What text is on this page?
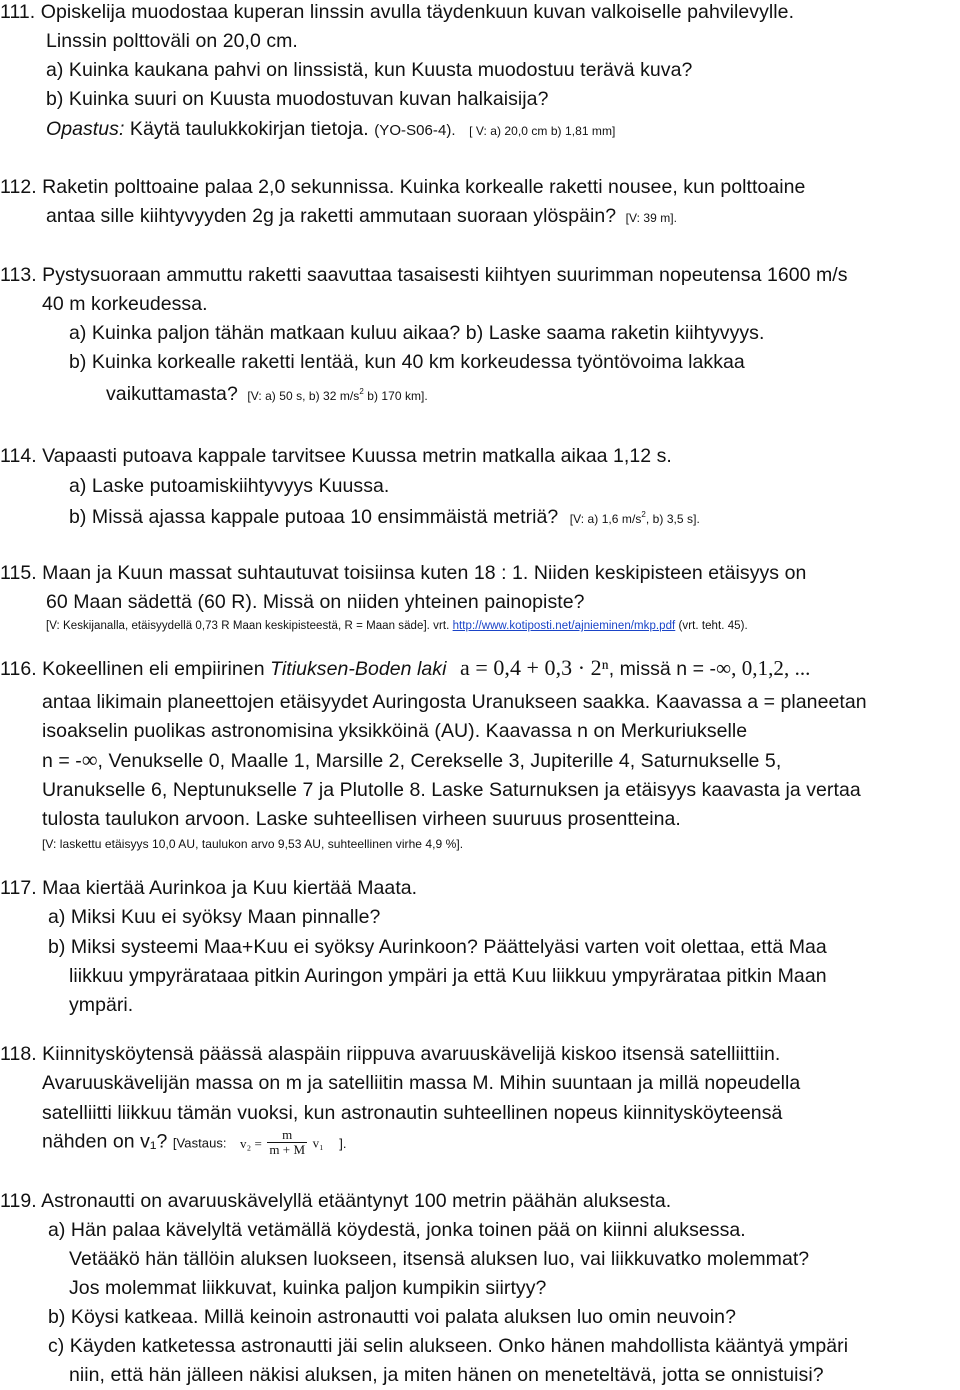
111. Opiskelija muodostaa kuperan linssin avulla täydenkuun kuvan valkoiselle pahvilevylle.
Linssin polttoväli on 20,0 cm.
a) Kuinka kaukana pahvi on linssistä, kun Kuusta muodostuu terävä kuva?
b) Kuinka suuri on Kuusta muodostuvan kuvan halkaisija?
Opastus: Käytä taulukkokirjan tietoja. (YO-S06-4). [ V: a) 20,0 cm b) 1,81 mm]
112. Raketin polttoaine palaa 2,0 sekunnissa. Kuinka korkealle raketti nousee, kun polttoaine
antaa sille kiihtyvyyden 2g ja raketti ammutaan suoraan ylöspäin? [V: 39 m].
113. Pystysuoraan ammuttu raketti saavuttaa tasaisesti kiihtyen suurimman nopeutensa 1600 m/s
40 m korkeudessa.
a) Kuinka paljon tähän matkaan kuluu aikaa? b) Laske saama raketin kiihtyvyys.
b) Kuinka korkealle raketti lentää, kun 40 km korkeudessa työntövoima lakkaa
vaikuttamasta? [V: a) 50 s, b) 32 $m/s^2$ b) 170 km].
114. Vapaasti putoava kappale tarvitsee Kuussa metrin matkalla aikaa 1,12 s.
a) Laske putoamiskiihtyvyys Kuussa.
b) Missä ajassa kappale putoaa 10 ensimmäistä metriä? [V: a) 1,6 $m/s^2$, b) 3,5 s].
115. Maan ja Kuun massat suhtautuvat toisiinsa kuten 18 : 1. Niiden keskipisteen etäisyys on
60 Maan sädettä (60 R). Missä on niiden yhteinen painopiste?
[V: Keskijanalla, etäisyydellä 0,73 R Maan keskipisteestä, R = Maan säde]. vrt. http://www.kotiposti.net/ajnieminen/mkp.pdf (vrt. teht. 45).
116. Kokeellinen eli empiirinen Titiuksen-Boden laki a = 0,4 + 0,3 · 2ⁿ, missä n = -∞, 0,1,2, ...
antaa likimain planeettojen etäisyydet Auringosta Uranukseen saakka. Kaavassa a = planeetan
isoakselin puolikas astronomisina yksikköinä (AU). Kaavassa n on Merkuriukselle
n = -∞, Venukselle 0, Maalle 1, Marsille 2, Cerekselle 3, Jupiterille 4, Saturnukselle 5,
Uranukselle 6, Neptunukselle 7 ja Plutolle 8. Laske Saturnuksen ja etäisyys kaavasta ja vertaa
tulosta taulukon arvoon. Laske suhteellisen virheen suuruus prosentteina.
[V: laskettu etäisyys 10,0 AU, taulukon arvo 9,53 AU, suhteellinen virhe 4,9 %].
117. Maa kiertää Aurinkoa ja Kuu kiertää Maata.
a) Miksi Kuu ei syöksy Maan pinnalle?
b) Miksi systeemi Maa+Kuu ei syöksy Aurinkoon? Päättelyäsi varten voit olettaa, että Maa
liikkuu ympyrärataaa pitkin Auringon ympäri ja että Kuu liikkuu ympyrärataa pitkin Maan
ympäri.
118. Kiinnitysköytensä päässä alaspäin riippuva avaruuskävelijä kiskoo itsensä satelliittiin.
Avaruuskävelijän massa on m ja satelliitin massa M. Mihin suuntaan ja millä nopeudella
satelliitti liikkuu tämän vuoksi, kun astronautin suhteellinen nopeus kiinnitysköyteensä
nähden on v₁? [Vastaus: $v_2 = \frac{m}{m + M} v_1$ ].
119. Astronautti on avaruuskävelyllä etääntynyt 100 metrin päähän aluksesta.
a) Hän palaa kävelyltä vetämällä köydestä, jonka toinen pää on kiinni aluksessa.
Vetääkö hän tällöin aluksen luokseen, itsensä aluksen luo, vai liikkuvatko molemmat?
Jos molemmat liikkuvat, kuinka paljon kumpikin siirtyy?
b) Köysi katkeaa. Millä keinoin astronautti voi palata aluksen luo omin neuvoin?
c) Käyden katketessa astronautti jäi selin alukseen. Onko hänen mahdollista kääntyä ympäri
niin, että hän jälleen näkisi aluksen, ja miten hänen on meneteltävä, jotta se onnistuisi?
